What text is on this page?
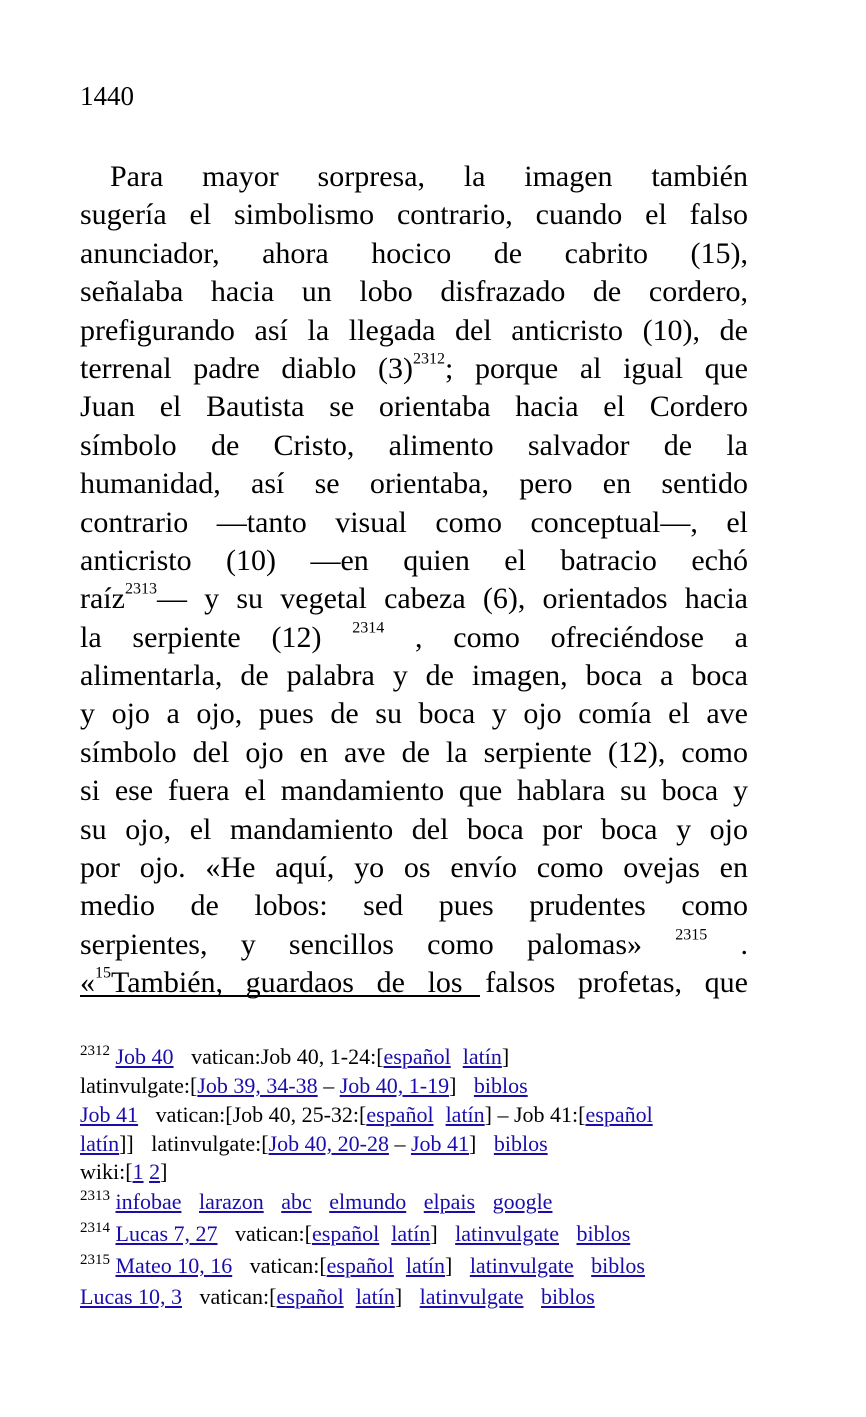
1440
Para mayor sorpresa, la imagen también
sugería el simbolismo contrario, cuando el falso
anunciador, ahora hocico de cabrito (15),
señalaba hacia un lobo disfrazado de cordero,
prefigurando así la llegada del anticristo (10), de
terrenal padre diablo $(3)^{2312}$; porque al igual que
Juan el Bautista se orientaba hacia el Cordero
símbolo de Cristo, alimento salvador de la
humanidad, así se orientaba, pero en sentido
contrario —tanto visual como conceptual—, el
anticristo (10) —en quien el batracio echó
raíz$^{2313}$— y su vegetal cabeza (6), orientados hacia
la serpiente (12) $^{2314}$ , como ofreciéndose a
alimentarla, de palabra y de imagen, boca a boca
y ojo a ojo, pues de su boca y ojo comía el ave
símbolo del ojo en ave de la serpiente (12), como
si ese fuera el mandamiento que hablara su boca y
su ojo, el mandamiento del boca por boca y ojo
por ojo. «He aquí, yo os envío como ovejas en
medio de lobos: sed pues prudentes como
serpientes, y sencillos como palomas» $^{2315}$ .
«$^{15}$También, guardaos de los falsos profetas, que
$^{2312}$ Job 40 vatican:Job 40, 1-24:[español latín]
latinvulgate:[Job 39, 34-38 – Job 40, 1-19] biblos
Job 41 vatican:[Job 40, 25-32:[español latín] – Job 41:[español
latín]] latinvulgate:[Job 40, 20-28 – Job 41] biblos
wiki:[1 2]
$^{2313}$ infobae larazon abc elmundo elpais google
$^{2314}$ Lucas 7, 27 vatican:[español latín] latinvulgate biblos
$^{2315}$ Mateo 10, 16 vatican:[español latín] latinvulgate biblos
Lucas 10, 3 vatican:[español latín] latinvulgate biblos
